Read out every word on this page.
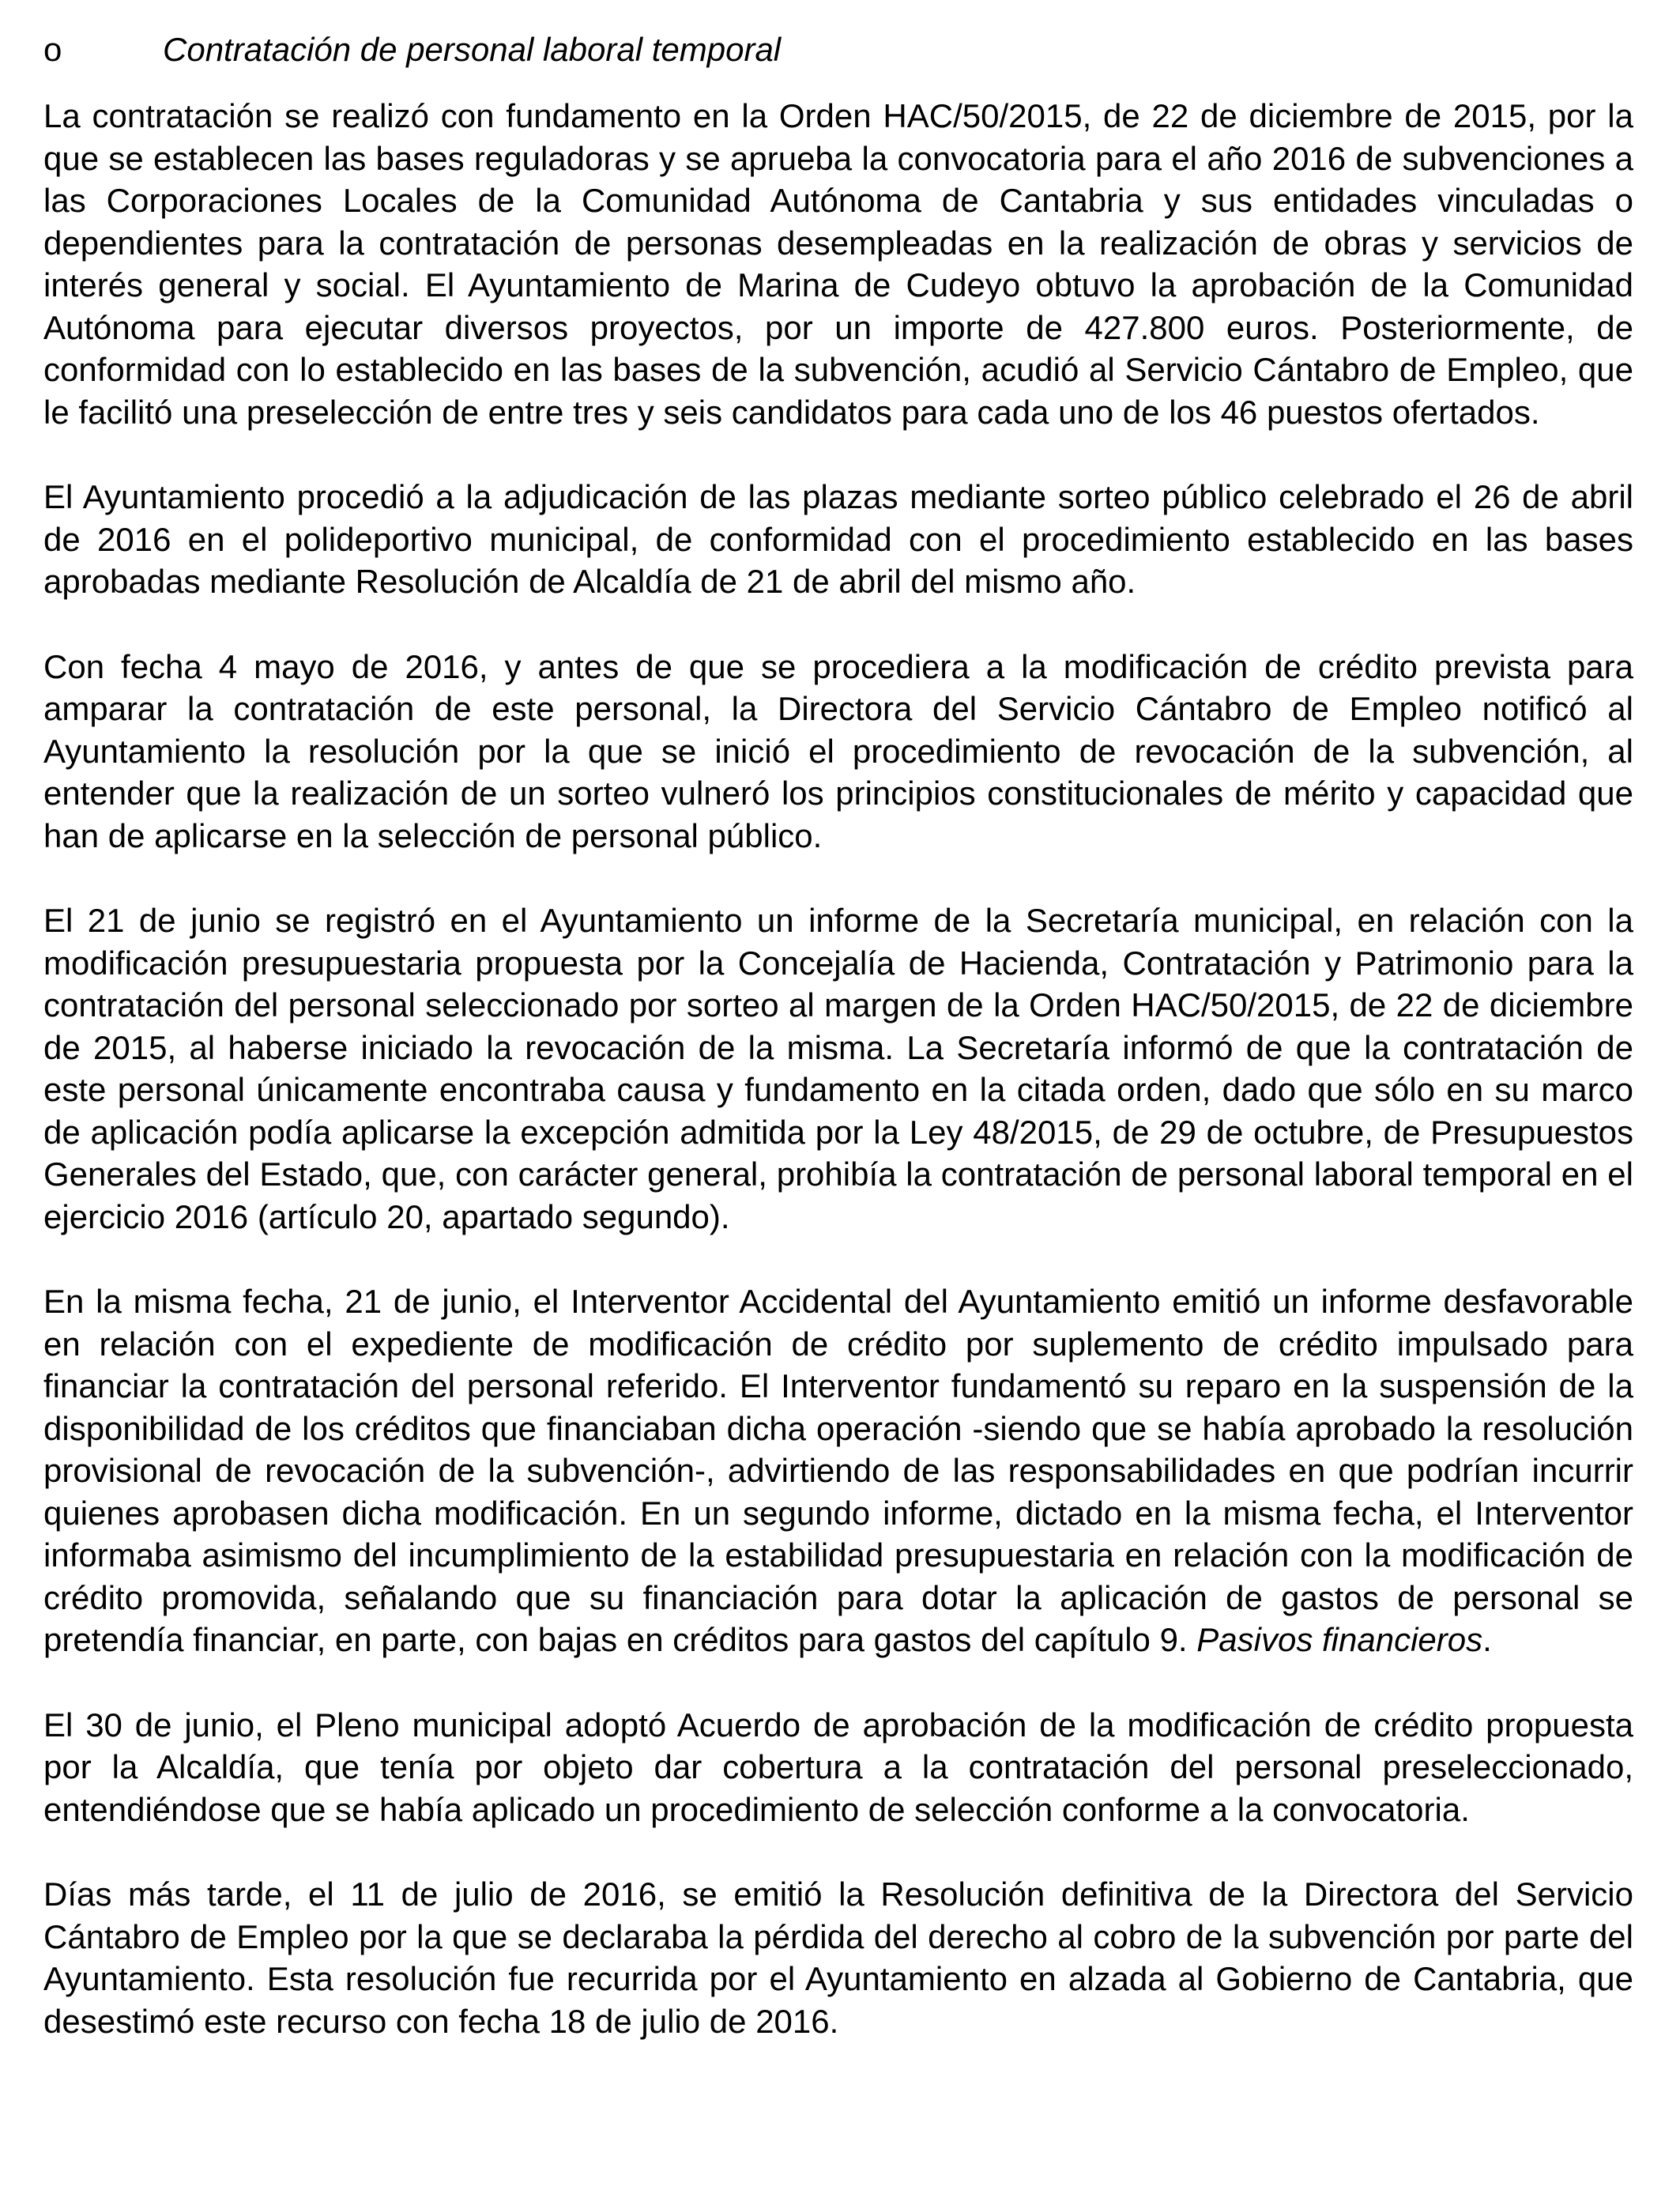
o	Contratación de personal laboral temporal

La contratación se realizó con fundamento en la Orden HAC/50/2015, de 22 de diciembre de 2015, por la que se establecen las bases reguladoras y se aprueba la convocatoria para el año 2016 de subvenciones a las Corporaciones Locales de la Comunidad Autónoma de Cantabria y sus entidades vinculadas o dependientes para la contratación de personas desempleadas en la realización de obras y servicios de interés general y social. El Ayuntamiento de Marina de Cudeyo obtuvo la aprobación de la Comunidad Autónoma para ejecutar diversos proyectos, por un importe de 427.800 euros. Posteriormente, de conformidad con lo establecido en las bases de la subvención, acudió al Servicio Cántabro de Empleo, que le facilitó una preselección de entre tres y seis candidatos para cada uno de los 46 puestos ofertados.

El Ayuntamiento procedió a la adjudicación de las plazas mediante sorteo público celebrado el 26 de abril de 2016 en el polideportivo municipal, de conformidad con el procedimiento establecido en las bases aprobadas mediante Resolución de Alcaldía de 21 de abril del mismo año.

Con fecha 4 mayo de 2016, y antes de que se procediera a la modificación de crédito prevista para amparar la contratación de este personal, la Directora del Servicio Cántabro de Empleo notificó al Ayuntamiento la resolución por la que se inició el procedimiento de revocación de la subvención, al entender que la realización de un sorteo vulneró los principios constitucionales de mérito y capacidad que han de aplicarse en la selección de personal público.

El 21 de junio se registró en el Ayuntamiento un informe de la Secretaría municipal, en relación con la modificación presupuestaria propuesta por la Concejalía de Hacienda, Contratación y Patrimonio para la contratación del personal seleccionado por sorteo al margen de la Orden HAC/50/2015, de 22 de diciembre de 2015, al haberse iniciado la revocación de la misma. La Secretaría informó de que la contratación de este personal únicamente encontraba causa y fundamento en la citada orden, dado que sólo en su marco de aplicación podía aplicarse la excepción admitida por la Ley 48/2015, de 29 de octubre, de Presupuestos Generales del Estado, que, con carácter general, prohibía la contratación de personal laboral temporal en el ejercicio 2016 (artículo 20, apartado segundo).

En la misma fecha, 21 de junio, el Interventor Accidental del Ayuntamiento emitió un informe desfavorable en relación con el expediente de modificación de crédito por suplemento de crédito impulsado para financiar la contratación del personal referido. El Interventor fundamentó su reparo en la suspensión de la disponibilidad de los créditos que financiaban dicha operación -siendo que se había aprobado la resolución provisional de revocación de la subvención-, advirtiendo de las responsabilidades en que podrían incurrir quienes aprobasen dicha modificación. En un segundo informe, dictado en la misma fecha, el Interventor informaba asimismo del incumplimiento de la estabilidad presupuestaria en relación con la modificación de crédito promovida, señalando que su financiación para dotar la aplicación de gastos de personal se pretendía financiar, en parte, con bajas en créditos para gastos del capítulo 9. Pasivos financieros.

El 30 de junio, el Pleno municipal adoptó Acuerdo de aprobación de la modificación de crédito propuesta por la Alcaldía, que tenía por objeto dar cobertura a la contratación del personal preseleccionado, entendiéndose que se había aplicado un procedimiento de selección conforme a la convocatoria.

Días más tarde, el 11 de julio de 2016, se emitió la Resolución definitiva de la Directora del Servicio Cántabro de Empleo por la que se declaraba la pérdida del derecho al cobro de la subvención por parte del Ayuntamiento. Esta resolución fue recurrida por el Ayuntamiento en alzada al Gobierno de Cantabria, que desestimó este recurso con fecha 18 de julio de 2016.
